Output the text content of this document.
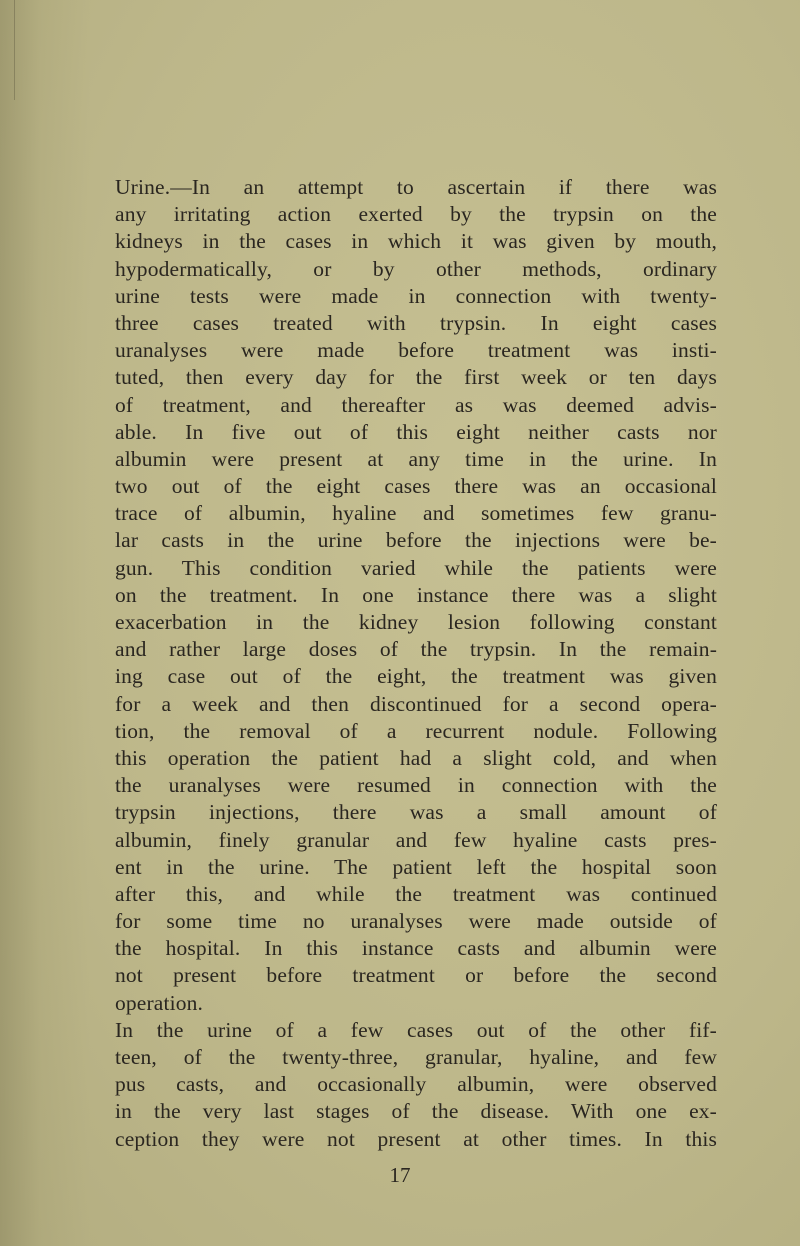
Urine.—In an attempt to ascertain if there was
any irritating action exerted by the trypsin on the
kidneys in the cases in which it was given by mouth,
hypodermatically, or by other methods, ordinary
urine tests were made in connection with twenty-
three cases treated with trypsin. In eight cases
uranalyses were made before treatment was insti-
tuted, then every day for the first week or ten days
of treatment, and thereafter as was deemed advis-
able. In five out of this eight neither casts nor
albumin were present at any time in the urine. In
two out of the eight cases there was an occasional
trace of albumin, hyaline and sometimes few granu-
lar casts in the urine before the injections were be-
gun. This condition varied while the patients were
on the treatment. In one instance there was a slight
exacerbation in the kidney lesion following constant
and rather large doses of the trypsin. In the remain-
ing case out of the eight, the treatment was given
for a week and then discontinued for a second opera-
tion, the removal of a recurrent nodule. Following
this operation the patient had a slight cold, and when
the uranalyses were resumed in connection with the
trypsin injections, there was a small amount of
albumin, finely granular and few hyaline casts pres-
ent in the urine. The patient left the hospital soon
after this, and while the treatment was continued
for some time no uranalyses were made outside of
the hospital. In this instance casts and albumin were
not present before treatment or before the second
operation.
In the urine of a few cases out of the other fif-
teen, of the twenty-three, granular, hyaline, and few
pus casts, and occasionally albumin, were observed
in the very last stages of the disease. With one ex-
ception they were not present at other times. In this
17
